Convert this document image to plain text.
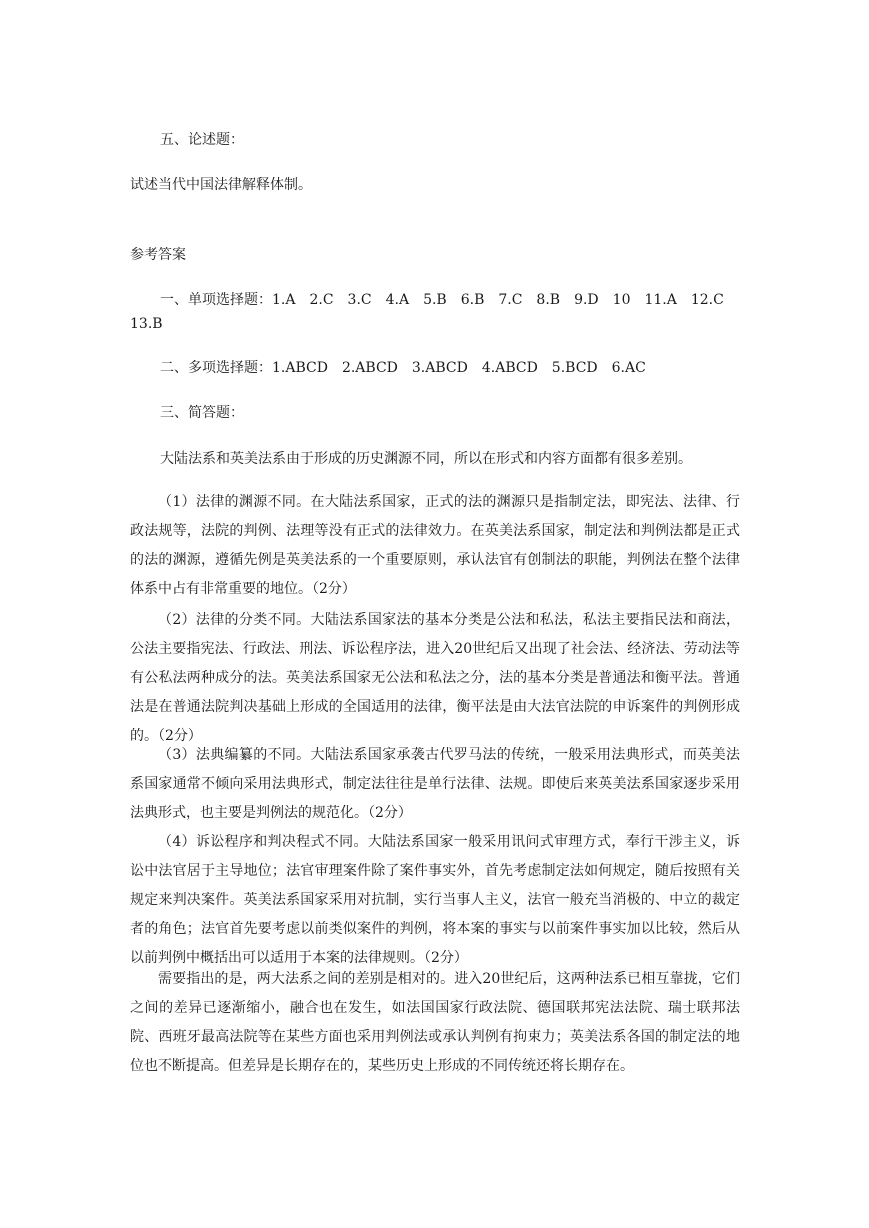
五、论述题：
试述当代中国法律解释体制。
参考答案
一、单项选择题：1.A　2.C　3.C　4.A　5.B　6.B　7.C　8.B　9.D　10　11.A　12.C
13.B
二、多项选择题：1.ABCD　2.ABCD　3.ABCD　4.ABCD　5.BCD　6.AC
三、简答题：
大陆法系和英美法系由于形成的历史渊源不同，所以在形式和内容方面都有很多差别。
（1）法律的渊源不同。在大陆法系国家，正式的法的渊源只是指制定法，即宪法、法律、行政法规等，法院的判例、法理等没有正式的法律效力。在英美法系国家，制定法和判例法都是正式的法的渊源，遵循先例是英美法系的一个重要原则，承认法官有创制法的职能，判例法在整个法律体系中占有非常重要的地位。（2分）
（2）法律的分类不同。大陆法系国家法的基本分类是公法和私法，私法主要指民法和商法，公法主要指宪法、行政法、刑法、诉讼程序法，进入20世纪后又出现了社会法、经济法、劳动法等有公私法两种成分的法。英美法系国家无公法和私法之分，法的基本分类是普通法和衡平法。普通法是在普通法院判决基础上形成的全国适用的法律，衡平法是由大法官法院的申诉案件的判例形成的。（2分）
（3）法典编纂的不同。大陆法系国家承袭古代罗马法的传统，一般采用法典形式，而英美法系国家通常不倾向采用法典形式，制定法往往是单行法律、法规。即使后来英美法系国家逐步采用法典形式，也主要是判例法的规范化。（2分）
（4）诉讼程序和判决程式不同。大陆法系国家一般采用讯问式审理方式，奉行干涉主义，诉讼中法官居于主导地位；法官审理案件除了案件事实外，首先考虑制定法如何规定，随后按照有关规定来判决案件。英美法系国家采用对抗制，实行当事人主义，法官一般充当消极的、中立的裁定者的角色；法官首先要考虑以前类似案件的判例，将本案的事实与以前案件事实加以比较，然后从以前判例中概括出可以适用于本案的法律规则。（2分）
需要指出的是，两大法系之间的差别是相对的。进入20世纪后，这两种法系已相互靠拢，它们之间的差异已逐渐缩小，融合也在发生，如法国国家行政法院、德国联邦宪法法院、瑞士联邦法院、西班牙最高法院等在某些方面也采用判例法或承认判例有拘束力；英美法系各国的制定法的地位也不断提高。但差异是长期存在的，某些历史上形成的不同传统还将长期存在。
